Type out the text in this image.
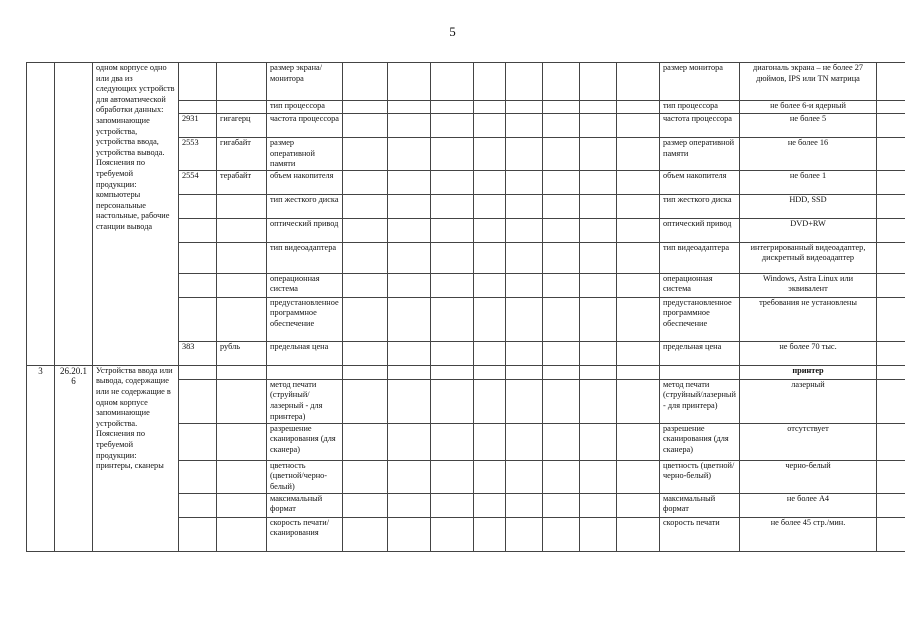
5
		одном корпусе одно или два из следующих устройств для автоматической обработки данных: запоминающие устройства, устройства ввода, устройства вывода. Пояснения по требуемой продукции: компьютеры персональные настольные, рабочие станции вывода			размер экрана/монитора									размер монитора	диагональ экрана – не более 27 дюймов, IPS или TN матрица		
					тип процессора									тип процессора	не более 6-и ядерный		
			2931	гигагерц	частота процессора									частота процессора	не более 5		
			2553	гигабайт	размер оперативной памяти									размер оперативной памяти	не более 16		
			2554	терабайт	объем накопителя									объем накопителя	не более 1		
					тип жесткого диска									тип жесткого диска	HDD, SSD		
					оптический привод									оптический привод	DVD+RW		
					тип видеоадаптера									тип видеоадаптера	интегрированный видеоадаптер, дискретный видеоадаптер		
					операционная система									операционная система	Windows, Astra Linux или эквивалент		
					предустановленное программное обеспечение									предустановленное программное обеспечение	требования не установлены		
			383	рубль	предельная цена									предельная цена	не более 70 тыс.		
3	26.20.16	Устройства ввода или вывода, содержащие или не содержащие в одном корпусе запоминающие устройства. Пояснения по требуемой продукции: принтеры, сканеры													принтер		
					метод печати (струйный/лазерный - для принтера)									метод печати (струйный/лазерный - для принтера)	лазерный		
					разрешение сканирования (для сканера)									разрешение сканирования (для сканера)	отсутствует		
					цветность (цветной/черно-белый)									цветность (цветной/черно-белый)	черно-белый		
					максимальный формат									максимальный формат	не более А4		
					скорость печати/сканирования									скорость печати	не более 45 стр./мин.		
